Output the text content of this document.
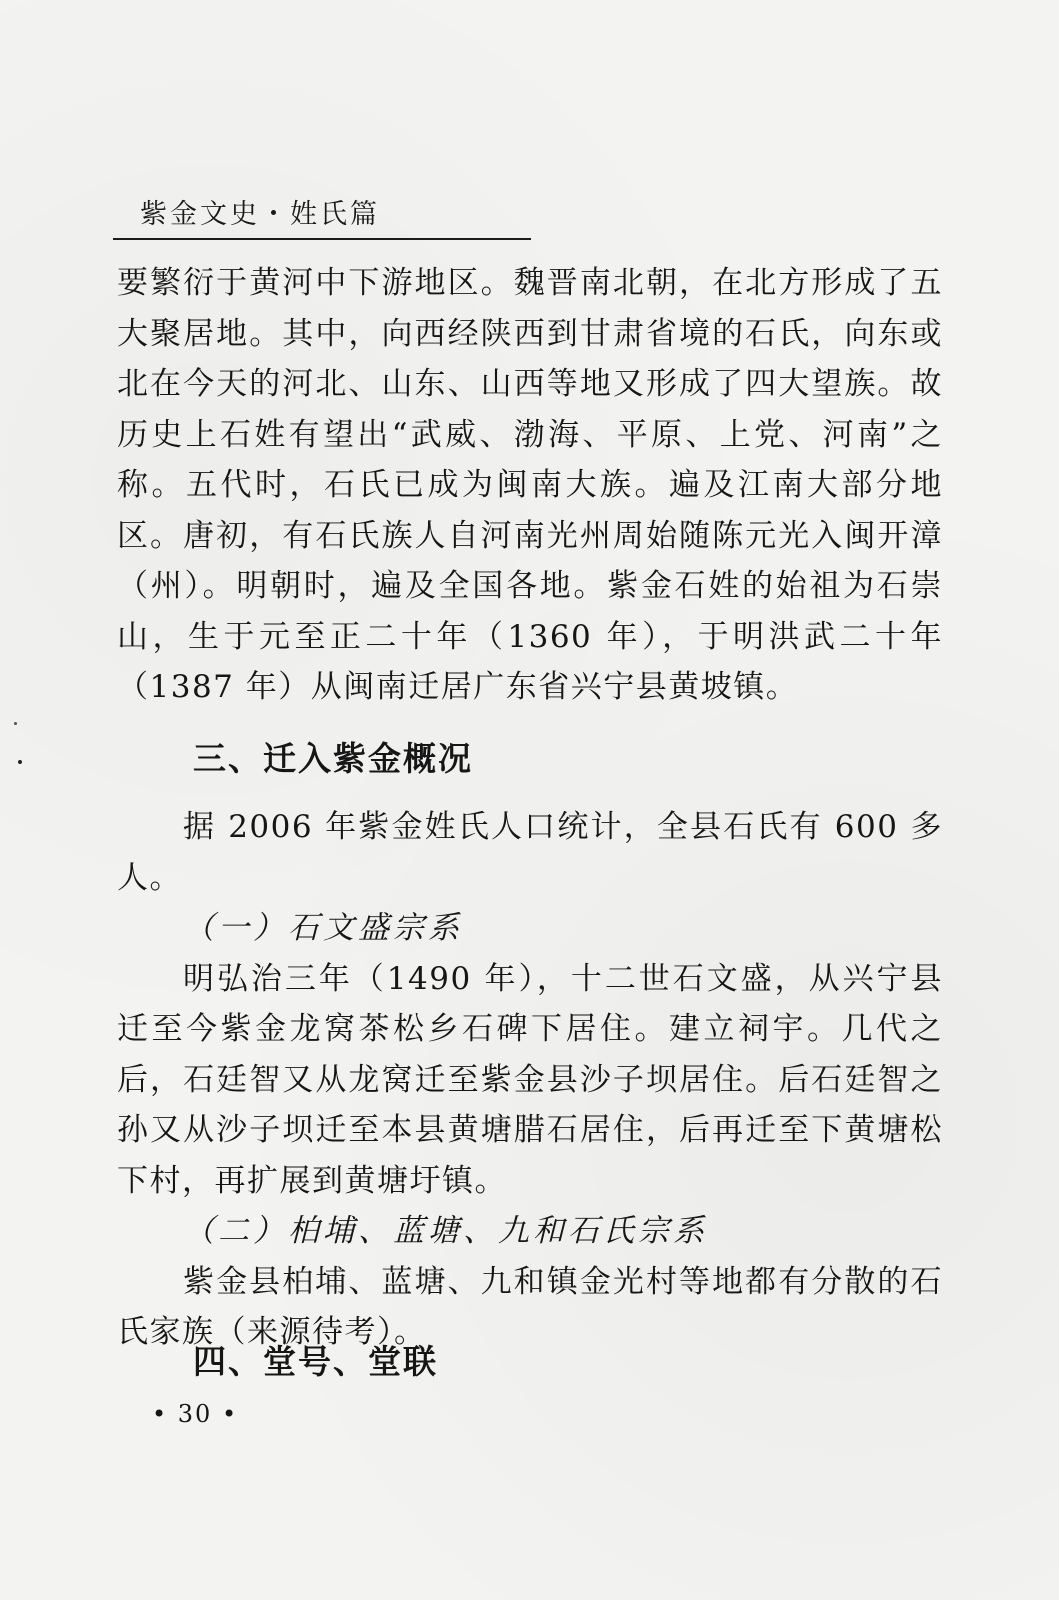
紫金文史・姓氏篇

要繁衍于黄河中下游地区。魏晋南北朝，在北方形成了五大聚居地。其中，向西经陕西到甘肃省境的石氏，向东或北在今天的河北、山东、山西等地又形成了四大望族。故历史上石姓有望出“武威、渤海、平原、上党、河南”之称。五代时，石氏已成为闽南大族。遍及江南大部分地区。唐初，有石氏族人自河南光州周始随陈元光入闽开漳（州）。明朝时，遍及全国各地。紫金石姓的始祖为石崇山，生于元至正二十年（1360 年），于明洪武二十年（1387 年）从闽南迁居广东省兴宁县黄坡镇。

三、迁入紫金概况

据 2006 年紫金姓氏人口统计，全县石氏有 600 多人。

（一）石文盛宗系

明弘治三年（1490 年），十二世石文盛，从兴宁县迁至今紫金龙窝茶松乡石碑下居住。建立祠宇。几代之后，石廷智又从龙窝迁至紫金县沙子坝居住。后石廷智之孙又从沙子坝迁至本县黄塘腊石居住，后再迁至下黄塘松下村，再扩展到黄塘圩镇。

（二）柏埔、蓝塘、九和石氏宗系

紫金县柏埔、蓝塘、九和镇金光村等地都有分散的石氏家族（来源待考）。

四、堂号、堂联
• 30 •
